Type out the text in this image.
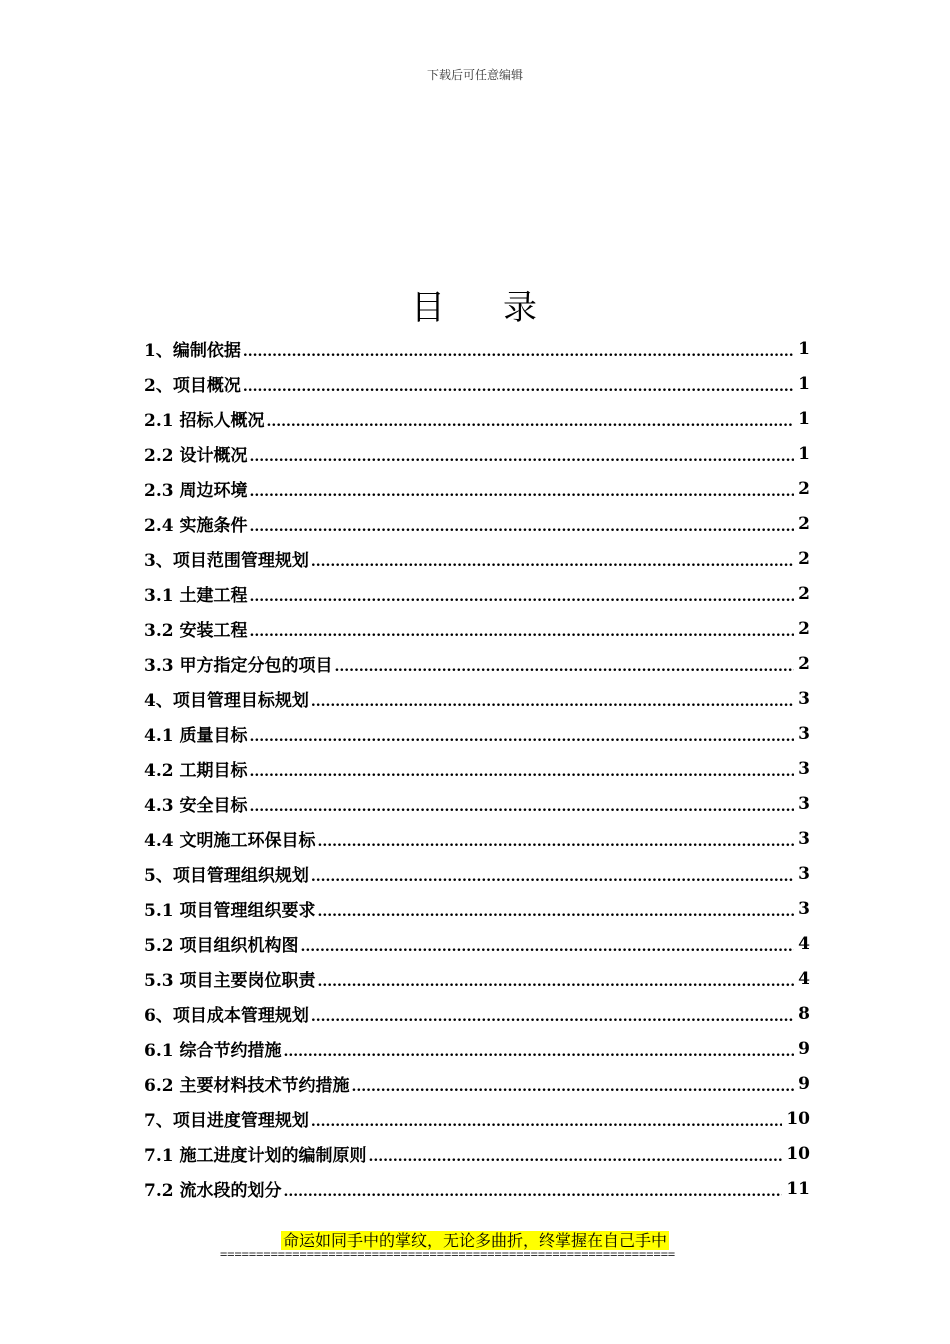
下载后可任意编辑
目 录
1、编制依据 .....	1
2、项目概况 .....	1
2.1 招标人概况 .....	1
2.2 设计概况 .....	1
2.3 周边环境 .....	2
2.4 实施条件 .....	2
3、项目范围管理规划 .....	2
3.1 土建工程 .....	2
3.2 安装工程 .....	2
3.3 甲方指定分包的项目 .....	2
4、项目管理目标规划 .....	3
4.1 质量目标 .....	3
4.2 工期目标 .....	3
4.3 安全目标 .....	3
4.4 文明施工环保目标 .....	3
5、项目管理组织规划 .....	3
5.1 项目管理组织要求 .....	3
5.2 项目组织机构图 .....	4
5.3 项目主要岗位职责 .....	4
6、项目成本管理规划 .....	8
6.1 综合节约措施 .....	9
6.2 主要材料技术节约措施 .....	9
7、项目进度管理规划 .....	10
7.1 施工进度计划的编制原则 .....	10
7.2 流水段的划分 .....	11
命运如同手中的掌纹，无论多曲折，终掌握在自己手中
===============================================================
